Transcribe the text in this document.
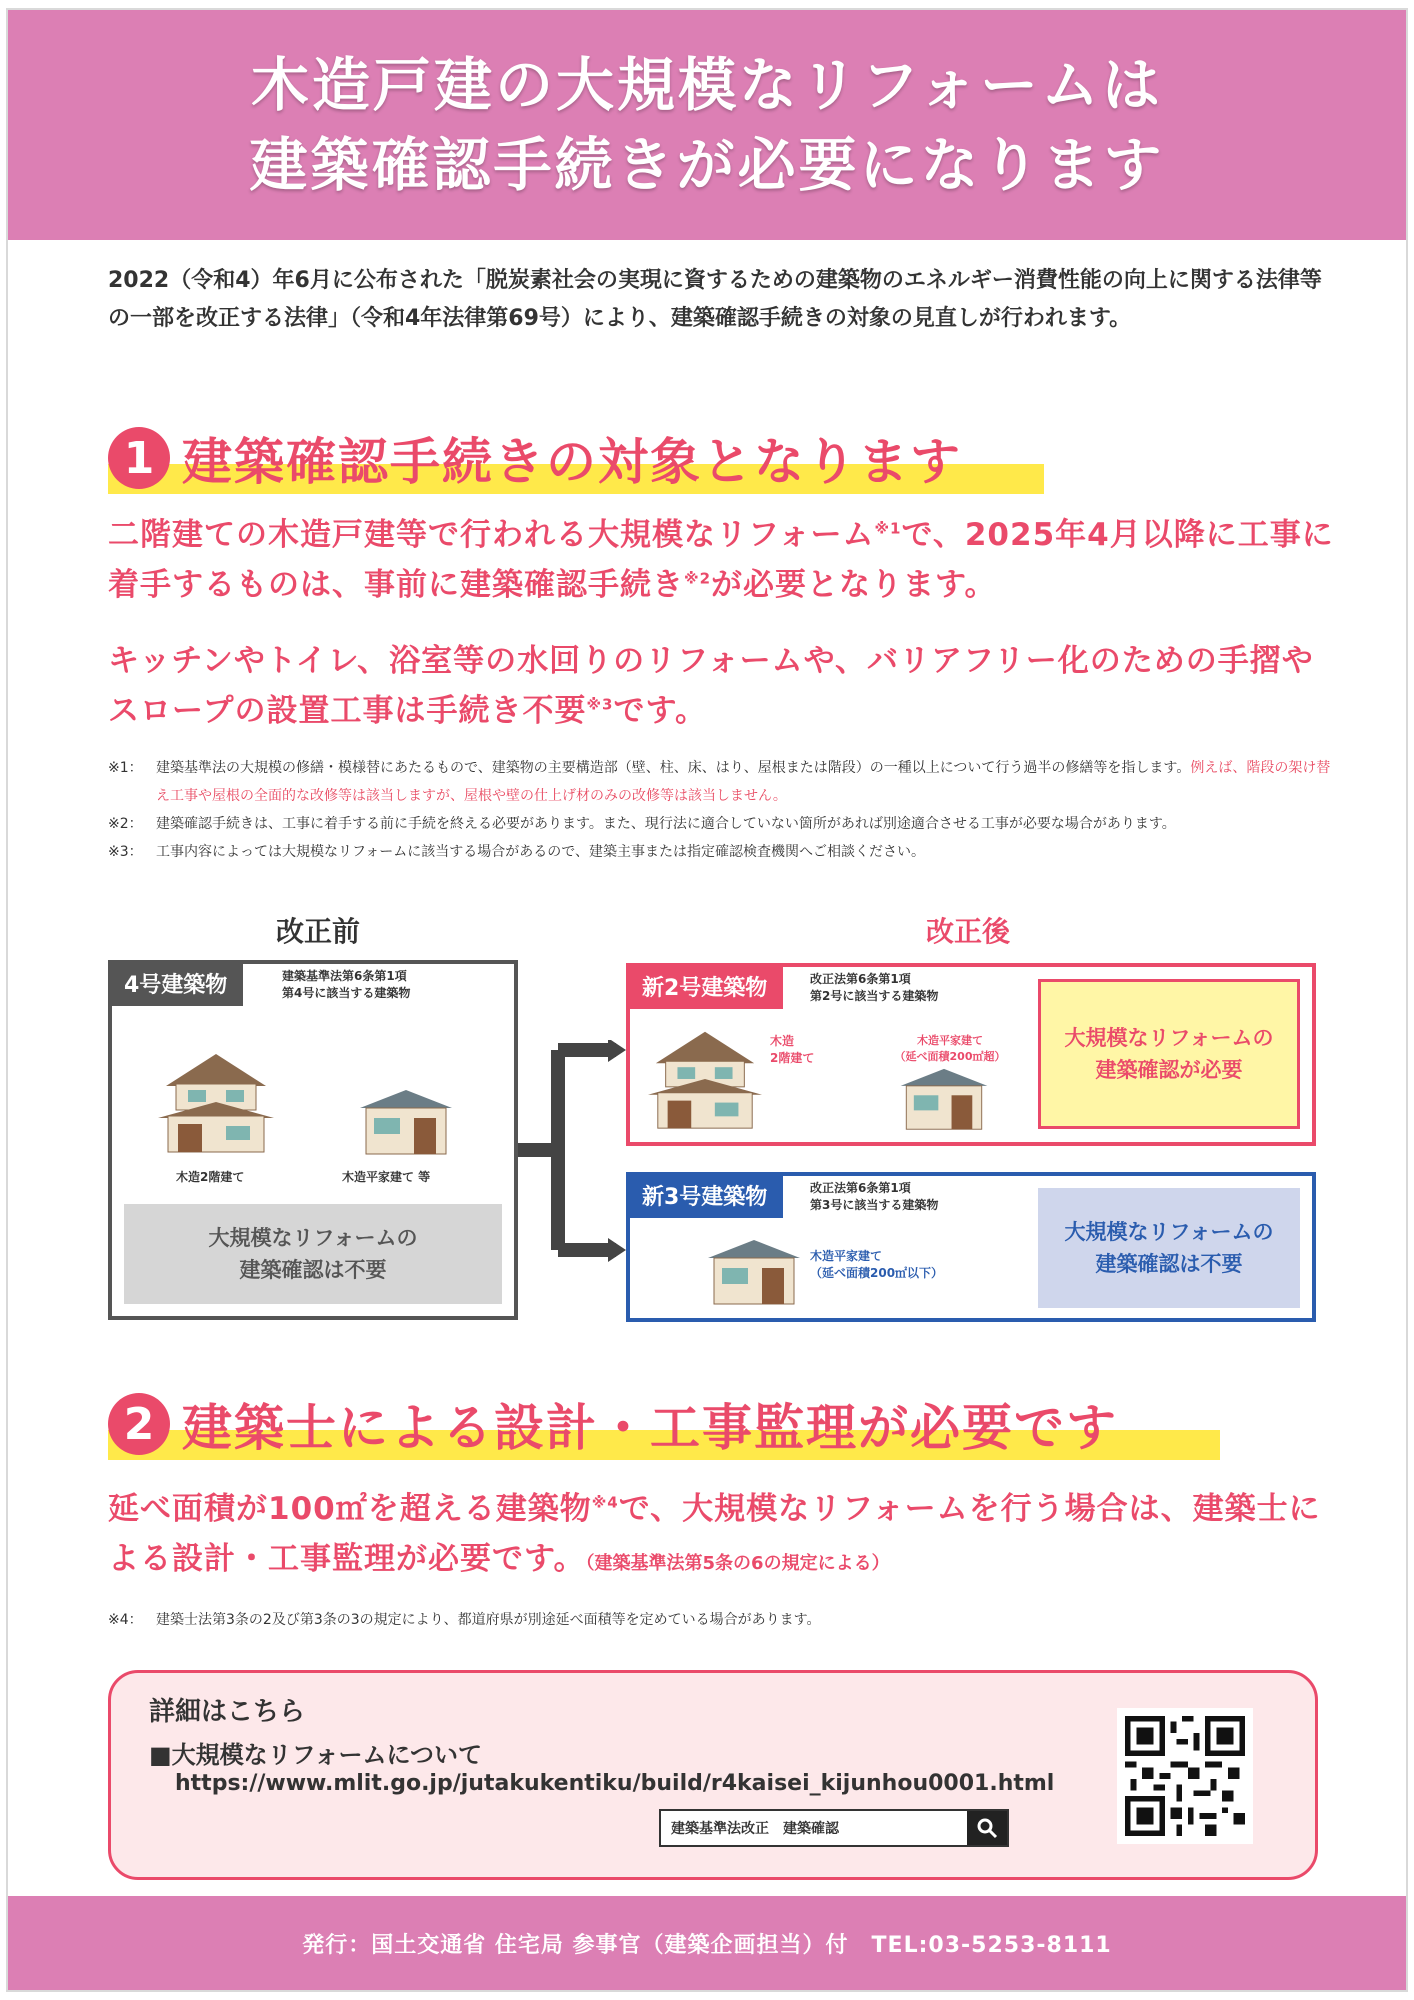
木造戸建の大規模なリフォームは
建築確認手続きが必要になります
2022（令和4）年6月に公布された「脱炭素社会の実現に資するための建築物のエネルギー消費性能の向上に関する法律等の一部を改正する法律」（令和4年法律第69号）により、建築確認手続きの対象の見直しが行われます。
1 建築確認手続きの対象となります
二階建ての木造戸建等で行われる大規模なリフォーム$^{※1}$で、2025年4月以降に工事に着手するものは、事前に建築確認手続き$^{※2}$が必要となります。
キッチンやトイレ、浴室等の水回りのリフォームや、バリアフリー化のための手摺やスロープの設置工事は手続き不要$^{※3}$です。
※1： 建築基準法の大規模の修繕・模様替にあたるもので、建築物の主要構造部（壁、柱、床、はり、屋根または階段）の一種以上について行う過半の修繕等を指します。例えば、階段の架け替え工事や屋根の全面的な改修等は該当しますが、屋根や壁の仕上げ材のみの改修等は該当しません。
※2： 建築確認手続きは、工事に着手する前に手続を終える必要があります。また、現行法に適合していない箇所があれば別途適合させる工事が必要な場合があります。
※3： 工事内容によっては大規模なリフォームに該当する場合があるので、建築主事または指定確認検査機関へご相談ください。
改正前	改正後
4号建築物	建築基準法第6条第1項
第4号に該当する建築物
木造2階建て	木造平家建て 等
大規模なリフォームの
建築確認は不要
新2号建築物	改正法第6条第1項
第2号に該当する建築物
木造
2階建て
木造平家建て
（延べ面積200㎡超）
大規模なリフォームの
建築確認が必要
新3号建築物	改正法第6条第1項
第3号に該当する建築物
木造平家建て
（延べ面積200㎡以下）
大規模なリフォームの
建築確認は不要
2 建築士による設計・工事監理が必要です
延べ面積が100㎡を超える建築物$^{※4}$で、大規模なリフォームを行う場合は、建築士による設計・工事監理が必要です。（建築基準法第5条の6の規定による）
※4： 建築士法第3条の2及び第3条の3の規定により、都道府県が別途延べ面積等を定めている場合があります。
詳細はこちら
■大規模なリフォームについて
https://www.mlit.go.jp/jutakukentiku/build/r4kaisei_kijunhou0001.html
建築基準法改正　建築確認
発行：国土交通省 住宅局 参事官（建築企画担当）付　TEL:03-5253-8111
